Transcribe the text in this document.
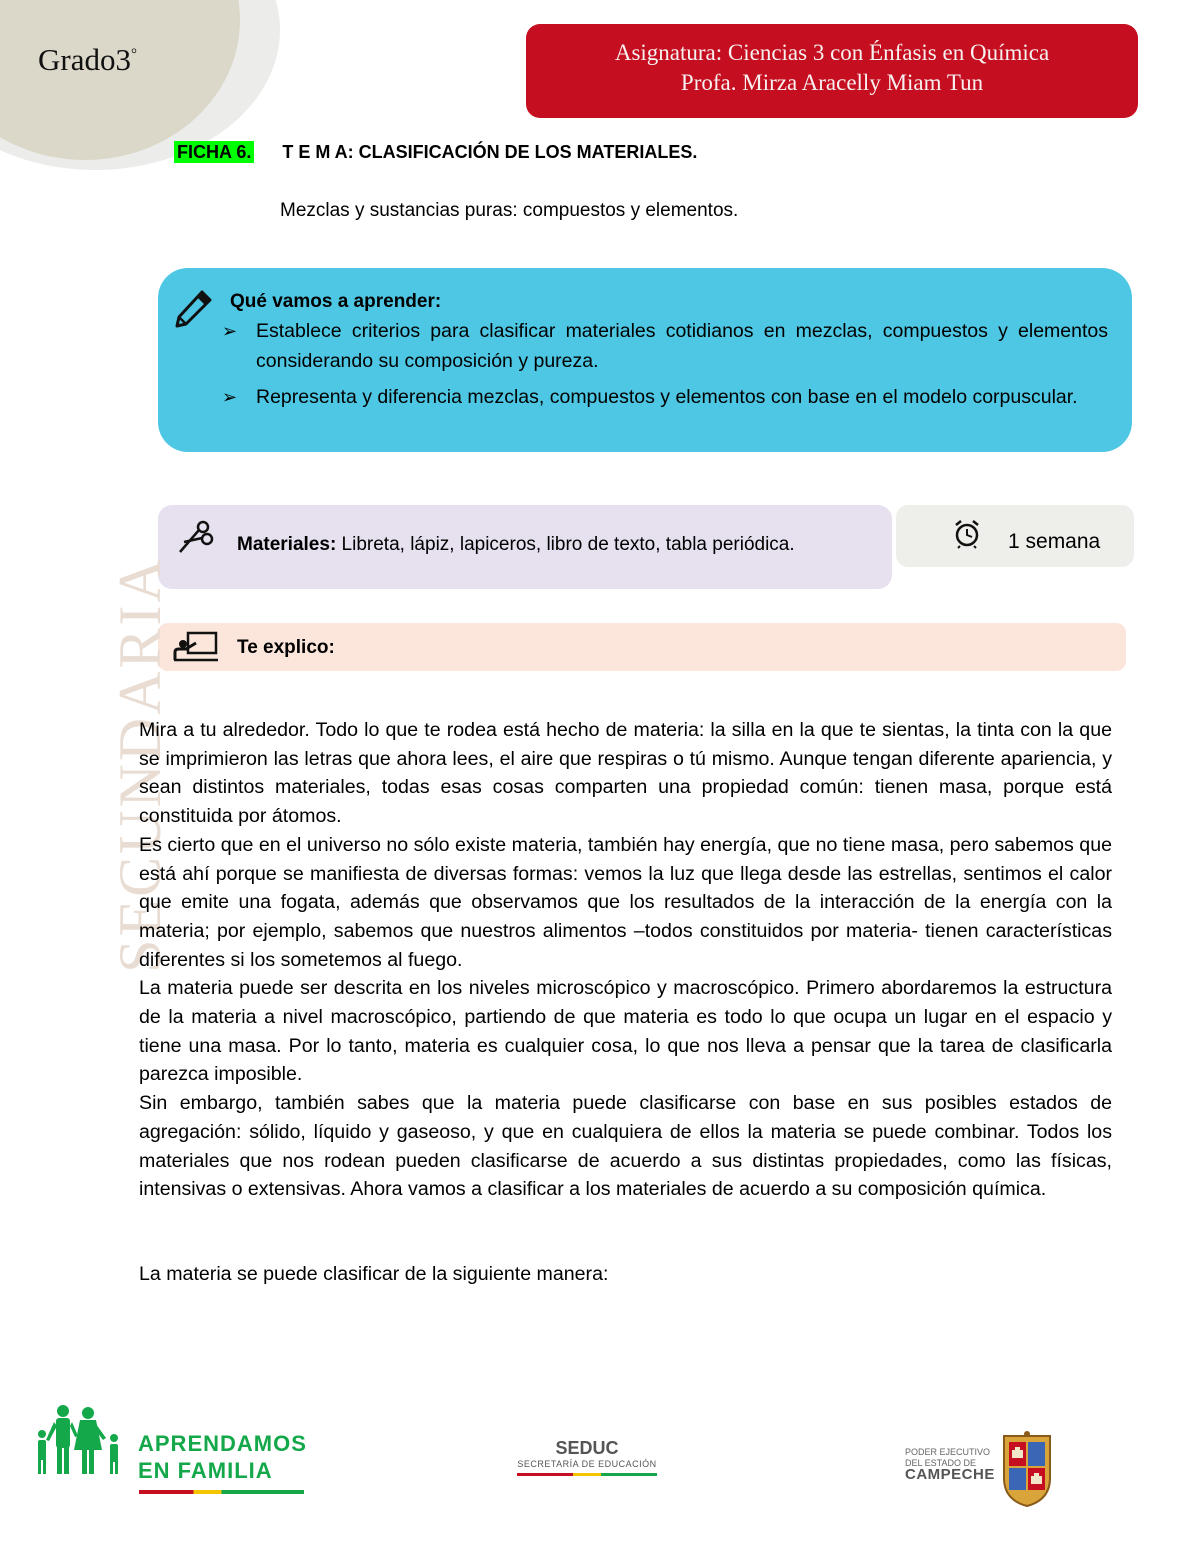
Grado3°	Asignatura: Ciencias 3 con Énfasis en Química
Profa. Mirza Aracelly Miam Tun
FICHA 6. T E M A: CLASIFICACIÓN DE LOS MATERIALES.
Mezclas y sustancias puras: compuestos y elementos.
Qué vamos a aprender:
➢ Establece criterios para clasificar materiales cotidianos en mezclas, compuestos y elementos considerando su composición y pureza.
➢ Representa y diferencia mezclas, compuestos y elementos con base en el modelo corpuscular.
Materiales: Libreta, lápiz, lapiceros, libro de texto, tabla periódica.	1 semana
Te explico:
SECUNDARIA

Mira a tu alrededor. Todo lo que te rodea está hecho de materia: la silla en la que te sientas, la tinta con la que se imprimieron las letras que ahora lees, el aire que respiras o tú mismo. Aunque tengan diferente apariencia, y sean distintos materiales, todas esas cosas comparten una propiedad común: tienen masa, porque está constituida por átomos.

Es cierto que en el universo no sólo existe materia, también hay energía, que no tiene masa, pero sabemos que está ahí porque se manifiesta de diversas formas: vemos la luz que llega desde las estrellas, sentimos el calor que emite una fogata, además que observamos que los resultados de la interacción de la energía con la materia; por ejemplo, sabemos que nuestros alimentos –todos constituidos por materia- tienen características diferentes si los sometemos al fuego.

La materia puede ser descrita en los niveles microscópico y macroscópico. Primero abordaremos la estructura de la materia a nivel macroscópico, partiendo de que materia es todo lo que ocupa un lugar en el espacio y tiene una masa. Por lo tanto, materia es cualquier cosa, lo que nos lleva a pensar que la tarea de clasificarla parezca imposible.

Sin embargo, también sabes que la materia puede clasificarse con base en sus posibles estados de agregación: sólido, líquido y gaseoso, y que en cualquiera de ellos la materia se puede combinar. Todos los materiales que nos rodean pueden clasificarse de acuerdo a sus distintas propiedades, como las físicas, intensivas o extensivas. Ahora vamos a clasificar a los materiales de acuerdo a su composición química.

La materia se puede clasificar de la siguiente manera:
APRENDAMOS
EN FAMILIA
SEDUC
SECRETARÍA DE EDUCACIÓN
PODER EJECUTIVO
DEL ESTADO DE
CAMPECHE
